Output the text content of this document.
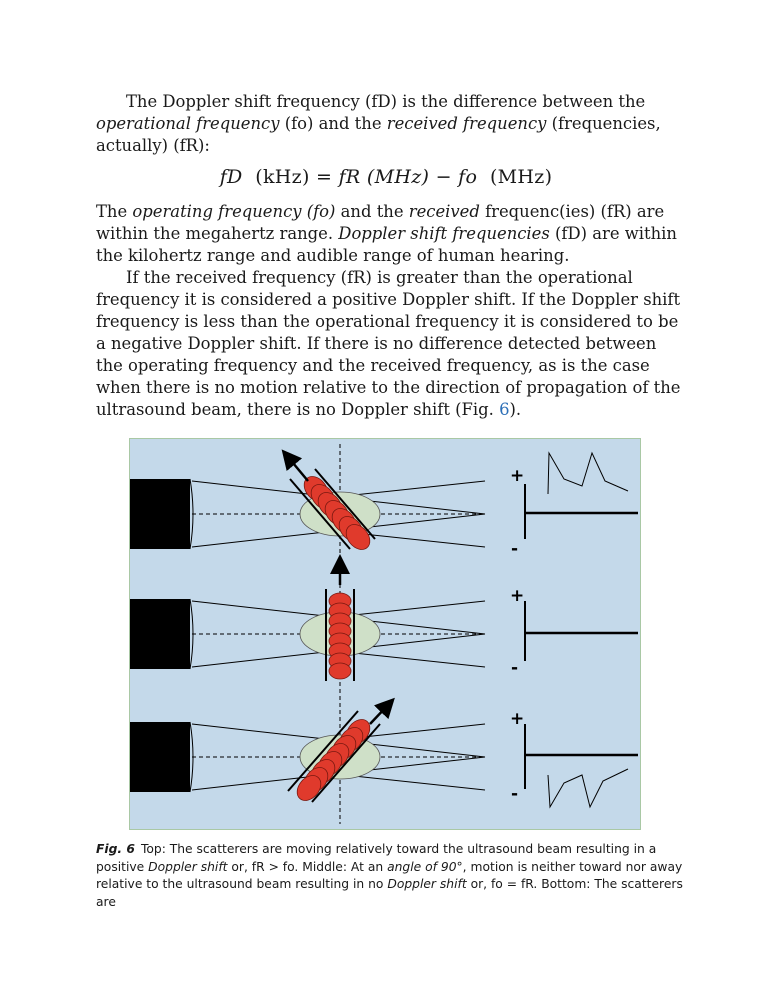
The Doppler shift frequency (fD) is the difference between the operational frequency (fo) and the received frequency (frequencies, actually) (fR):

fD (kHz) = fR (MHz) − fo (MHz)

The operating frequency (fo) and the received frequenc(ies) (fR) are within the megahertz range. Doppler shift frequencies (fD) are within the kilohertz range and audible range of human hearing.

If the received frequency (fR) is greater than the operational frequency it is considered a positive Doppler shift. If the Doppler shift frequency is less than the operational frequency it is considered to be a negative Doppler shift. If there is no difference detected between the operating frequency and the received frequency, as is the case when there is no motion relative to the direction of propagation of the ultrasound beam, there is no Doppler shift (Fig. 6).

+
-
+
-
+
-

Fig. 6 Top: The scatterers are moving relatively toward the ultrasound beam resulting in a positive Doppler shift or, fR > fo. Middle: At an angle of 90°, motion is neither toward nor away relative to the ultrasound beam resulting in no Doppler shift or, fo = fR. Bottom: The scatterers are
